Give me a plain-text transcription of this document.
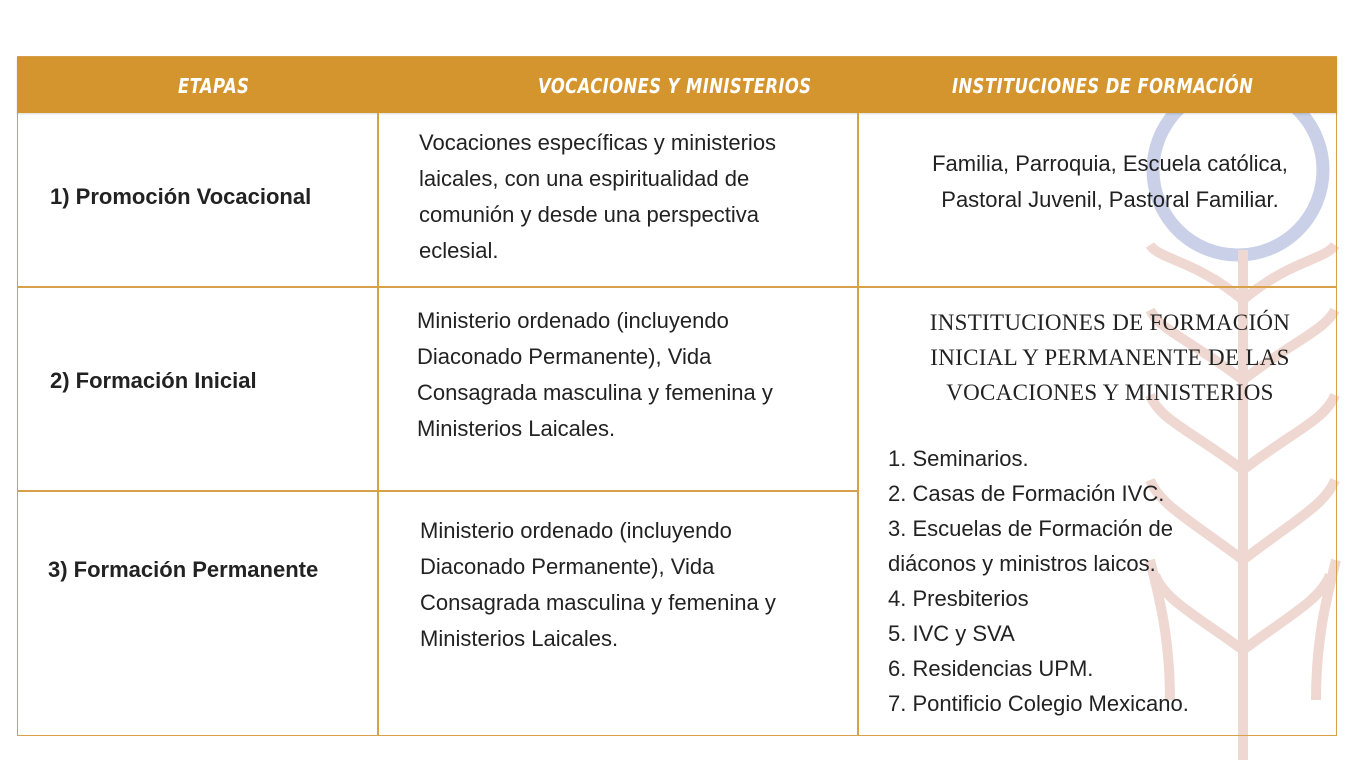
ETAPAS	VOCACIONES Y MINISTERIOS	INSTITUCIONES DE FORMACIÓN
1) Promoción Vocacional
Vocaciones específicas y ministerios
laicales, con una espiritualidad de
comunión y desde una perspectiva
eclesial.
Familia, Parroquia, Escuela católica,
Pastoral Juvenil, Pastoral Familiar.
2) Formación Inicial
Ministerio ordenado (incluyendo
Diaconado Permanente), Vida
Consagrada masculina y femenina y
Ministerios Laicales.
3) Formación Permanente
Ministerio ordenado (incluyendo
Diaconado Permanente), Vida
Consagrada masculina y femenina y
Ministerios Laicales.
INSTITUCIONES DE FORMACIÓN
INICIAL Y PERMANENTE DE LAS
VOCACIONES Y MINISTERIOS
1. Seminarios.
2. Casas de Formación IVC.
3. Escuelas de Formación de
diáconos y ministros laicos.
4. Presbiterios
5. IVC y SVA
6. Residencias UPM.
7. Pontificio Colegio Mexicano.
